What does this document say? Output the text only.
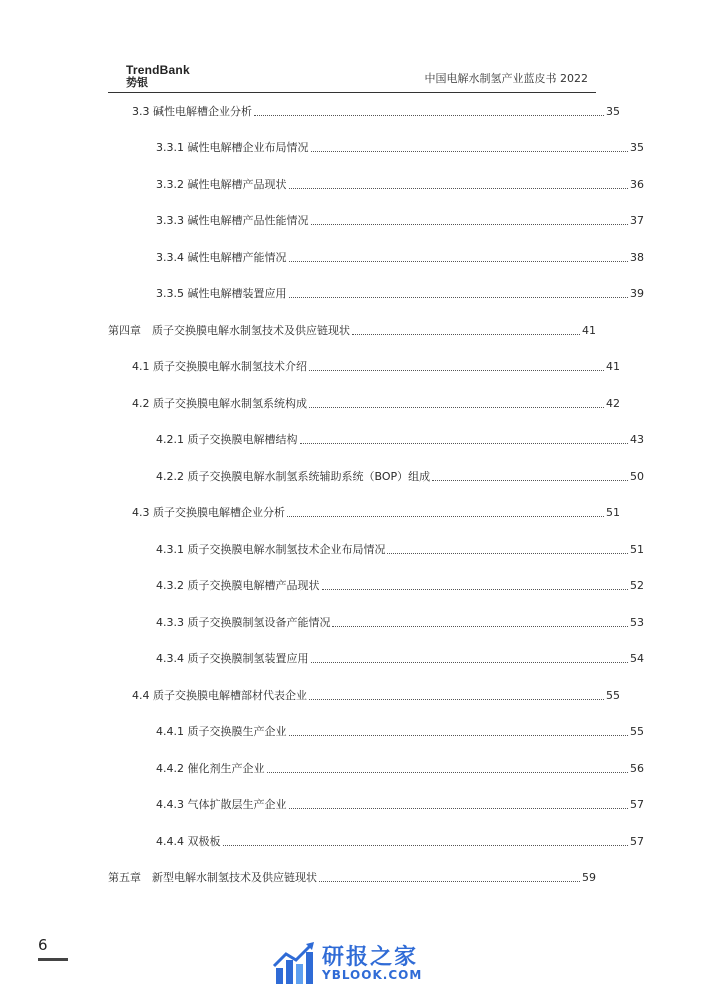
TrendBank
势银	中国电解水制氢产业蓝皮书 2022
3.3 碱性电解槽企业分析	35
3.3.1 碱性电解槽企业布局情况	35
3.3.2 碱性电解槽产品现状	36
3.3.3 碱性电解槽产品性能情况	37
3.3.4 碱性电解槽产能情况	38
3.3.5 碱性电解槽装置应用	39
第四章　质子交换膜电解水制氢技术及供应链现状	41
4.1 质子交换膜电解水制氢技术介绍	41
4.2 质子交换膜电解水制氢系统构成	42
4.2.1 质子交换膜电解槽结构	43
4.2.2 质子交换膜电解水制氢系统辅助系统（BOP）组成	50
4.3 质子交换膜电解槽企业分析	51
4.3.1 质子交换膜电解水制氢技术企业布局情况	51
4.3.2 质子交换膜电解槽产品现状	52
4.3.3 质子交换膜制氢设备产能情况	53
4.3.4 质子交换膜制氢装置应用	54
4.4 质子交换膜电解槽部材代表企业	55
4.4.1 质子交换膜生产企业	55
4.4.2 催化剂生产企业	56
4.4.3 气体扩散层生产企业	57
4.4.4 双极板	57
第五章　新型电解水制氢技术及供应链现状	59
6	研报之家
YBLOOK.COM
